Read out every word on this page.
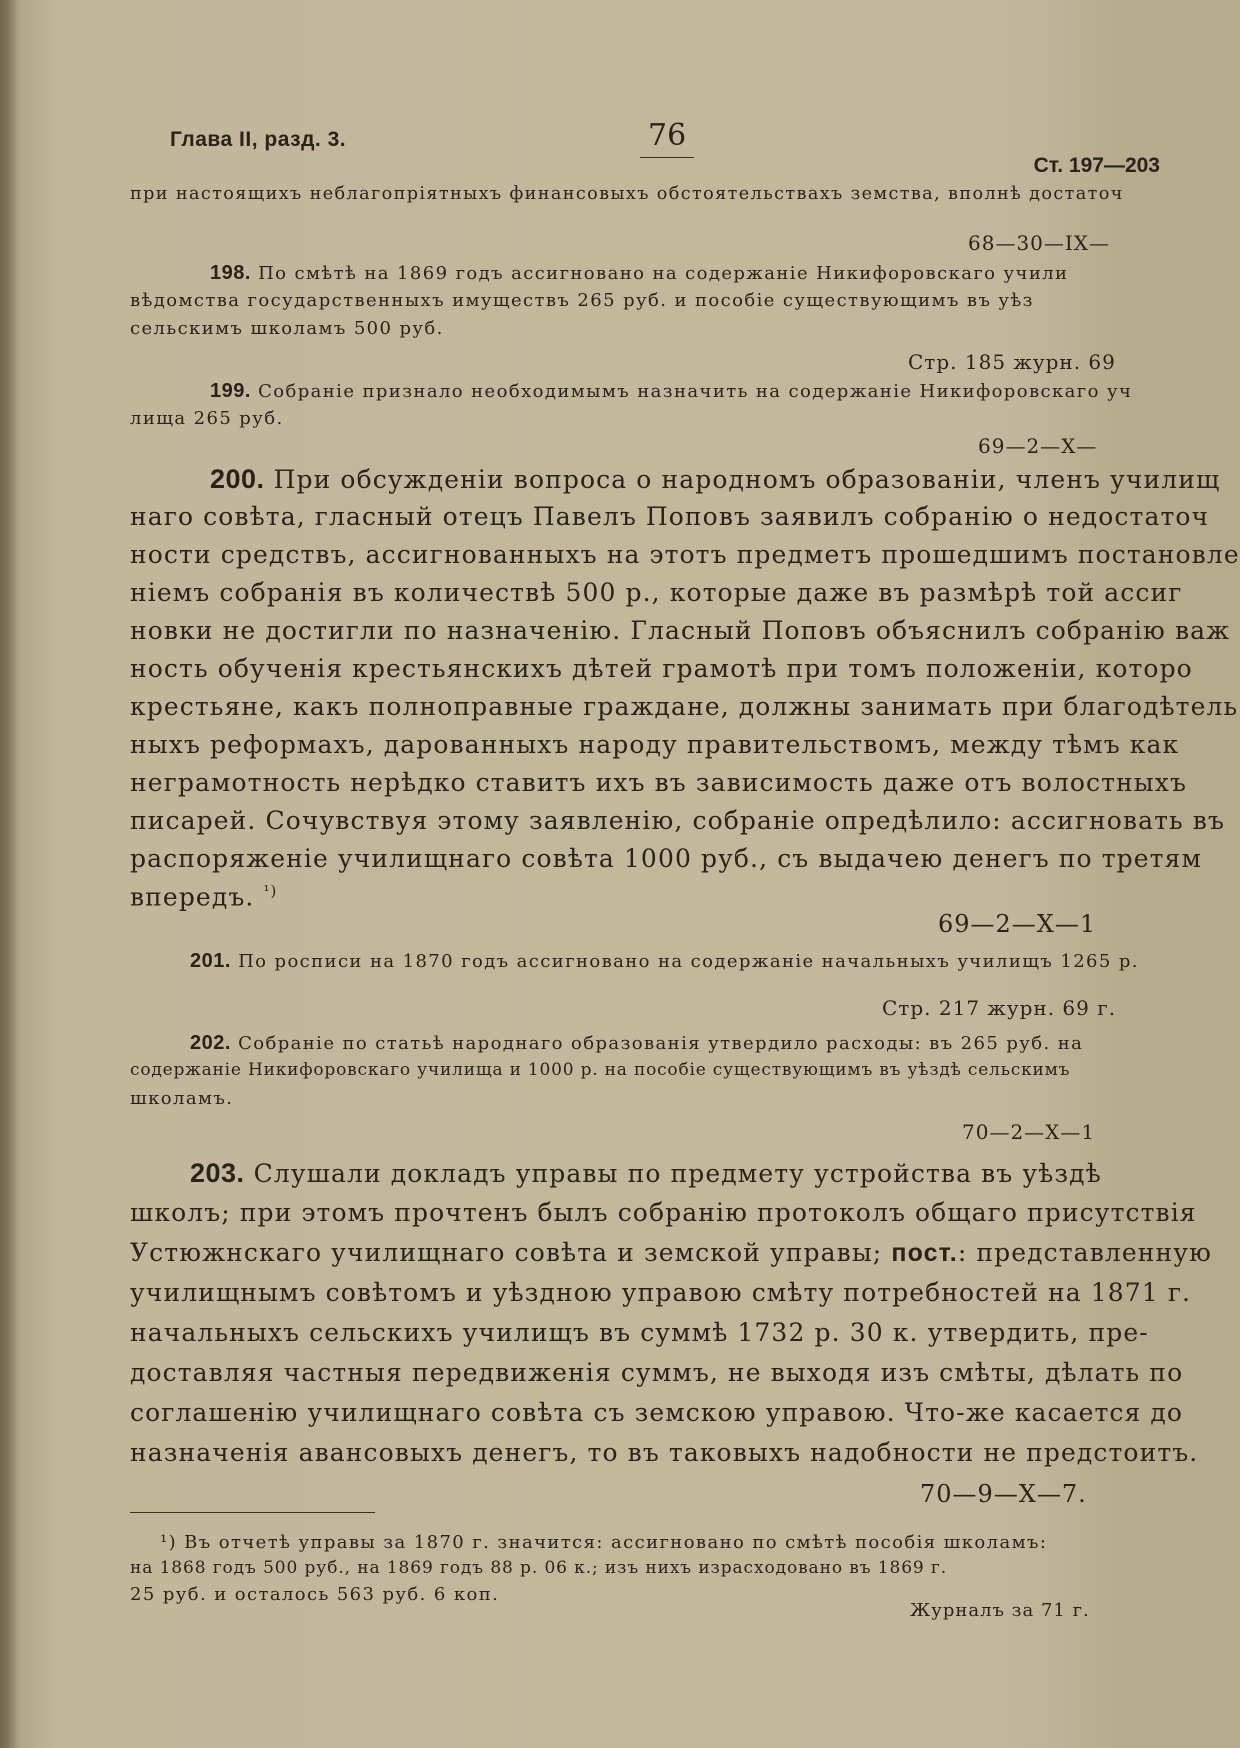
Глава II, разд. 3.	76
Ст. 197—203
при настоящихъ неблагопріятныхъ финансовыхъ обстоятельствахъ земства, вполнѣ достаточ
68—30—IX—
198. По смѣтѣ на 1869 годъ ассигновано на содержаніе Никифоровскаго учили
вѣдомства государственныхъ имуществъ 265 руб. и пособіе существующимъ въ уѣз
сельскимъ школамъ 500 руб.
Стр. 185 журн. 69
199. Собраніе признало необходимымъ назначить на содержаніе Никифоровскаго уч
лища 265 руб.
69—2—X—
200. При обсужденіи вопроса о народномъ образованіи, членъ училищ
наго совѣта, гласный отецъ Павелъ Поповъ заявилъ собранію о недостаточ
ности средствъ, ассигнованныхъ на этотъ предметъ прошедшимъ постановле
ніемъ собранія въ количествѣ 500 р., которые даже въ размѣрѣ той ассиг
новки не достигли по назначенію. Гласный Поповъ объяснилъ собранію важ
ность обученія крестьянскихъ дѣтей грамотѣ при томъ положеніи, которо
крестьяне, какъ полноправные граждане, должны занимать при благодѣтель
ныхъ реформахъ, дарованныхъ народу правительствомъ, между тѣмъ как
неграмотность нерѣдко ставитъ ихъ въ зависимость даже отъ волостныхъ
писарей. Сочувствуя этому заявленію, собраніе опредѣлило: ассигновать въ
распоряженіе училищнаго совѣта 1000 руб., съ выдачею денегъ по третям
впередъ. $^{^1)}$
69—2—X—1
201. По росписи на 1870 годъ ассигновано на содержаніе начальныхъ училищъ 1265 р.
Стр. 217 журн. 69 г.
202. Собраніе по статьѣ народнаго образованія утвердило расходы: въ 265 руб. на
содержаніе Никифоровскаго училища и 1000 р. на пособіе существующимъ въ уѣздѣ сельскимъ
школамъ.
70—2—X—1
203. Слушали докладъ управы по предмету устройства въ уѣздѣ
школъ; при этомъ прочтенъ былъ собранію протоколъ общаго присутствія
Устюжнскаго училищнаго совѣта и земской управы; пост.: представленную
училищнымъ совѣтомъ и уѣздною управою смѣту потребностей на 1871 г.
начальныхъ сельскихъ училищъ въ суммѣ 1732 р. 30 к. утвердить, пре-
доставляя частныя передвиженія суммъ, не выходя изъ смѣты, дѣлать по
соглашенію училищнаго совѣта съ земскою управою. Что-же касается до
назначенія авансовыхъ денегъ, то въ таковыхъ надобности не предстоитъ.
70—9—X—7.
¹) Въ отчетѣ управы за 1870 г. значится: ассигновано по смѣтѣ пособія школамъ:
на 1868 годъ 500 руб., на 1869 годъ 88 р. 06 к.; изъ нихъ израсходовано въ 1869 г.
25 руб. и осталось 563 руб. 6 коп.
Журналъ за 71 г.
